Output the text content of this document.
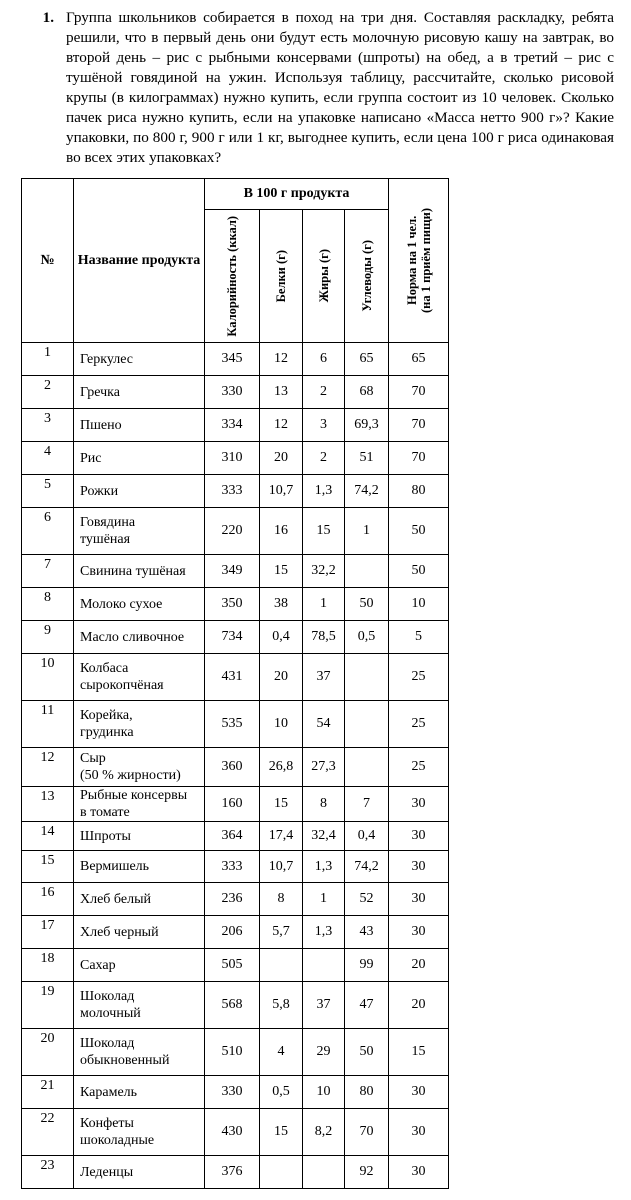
1. Группа школьников собирается в поход на три дня. Составляя раскладку, ребята решили, что в первый день они будут есть молочную рисовую кашу на завтрак, во второй день – рис с рыбными консервами (шпроты) на обед, а в третий – рис с тушёной говядиной на ужин. Используя таблицу, рассчитайте, сколько рисовой крупы (в килограммах) нужно купить, если группа состоит из 10 человек. Сколько пачек риса нужно купить, если на упаковке написано «Масса нетто 900 г»? Какие упаковки, по 800 г, 900 г или 1 кг, выгоднее купить, если цена 100 г риса одинаковая во всех этих упаковках?
№	Название продукта	В 100 г продукта				Норма на 1 чел.
(на 1 приём пищи)

		Калорийность (ккал)	Белки (г)	Жиры (г)	Углеводы (г)	

1	Геркулес	345	12	6	65	65
2	Гречка	330	13	2	68	70
3	Пшено	334	12	3	69,3	70
4	Рис	310	20	2	51	70
5	Рожки	333	10,7	1,3	74,2	80
6	Говядина
тушёная	220	16	15	1	50
7	Свинина тушёная	349	15	32,2		50
8	Молоко сухое	350	38	1	50	10
9	Масло сливочное	734	0,4	78,5	0,5	5
10	Колбаса
сырокопчёная	431	20	37		25
11	Корейка,
грудинка	535	10	54		25
12	Сыр
(50 % жирности)	360	26,8	27,3		25
13	Рыбные консервы
в томате	160	15	8	7	30
14	Шпроты	364	17,4	32,4	0,4	30
15	Вермишель	333	10,7	1,3	74,2	30
16	Хлеб белый	236	8	1	52	30
17	Хлеб черный	206	5,7	1,3	43	30
18	Сахар	505			99	20
19	Шоколад
молочный	568	5,8	37	47	20
20	Шоколад
обыкновенный	510	4	29	50	15
21	Карамель	330	0,5	10	80	30
22	Конфеты
шоколадные	430	15	8,2	70	30
23	Леденцы	376			92	30
